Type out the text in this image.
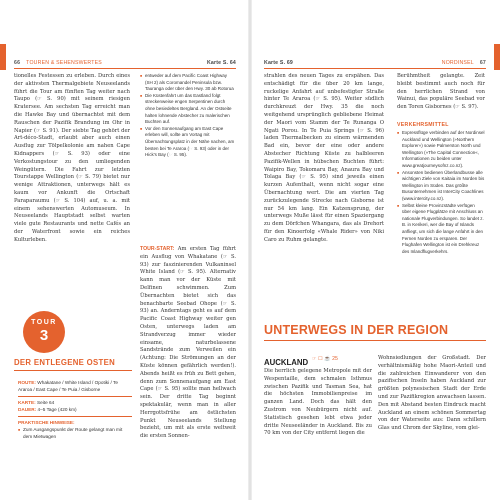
66 TOUREN & SEHENSWERTES	Karte S. 64

tionelles Festessen zu erleben. Durch eines der aktivsten Thermalgebiete Neuseelands führt die Tour am fünften Tag weiter nach Taupo (☞ S. 90) mit seinem riesigen Kratersee. Am sechsten Tag erreicht man die Hawke Bay und übernachtet mit dem Rauschen der Pazifik Brandung im Ohr in Napier (☞ S. 91). Der siebte Tag gehört der Art-déco-Stadt, erlaubt aber auch einen Ausflug zur Tölpelkolonie am nahen Cape Kidnappers (☞ S. 93) oder eine Verkostungstour zu den umliegenden Weingütern. Die Fahrt zur letzten Tourstappe Wellington (☞ S. 79) bietet nur wenige Attraktionen, unterwegs hält es kaum vor Ankunft die Ortschaft Paraparaumu (☞ S. 104) auf, u. a. mit einem sehenswerten Automuseum. In Neuseelands Hauptstadt selbst warten viele gute Restaurants und nette Cafés an der Waterfront sowie ein reiches Kulturleben.

■ entweder auf dem Pacific Coast Highway (SH 2) als Coromandel Peninsula bzw. Tauranga oder über den Hwy. 30 ab Rotorua
■ Die Küstenfahrt um das Eastland folgt streckenweise engen Serpentinen durch ohne besiedeltes Bergland. An der Ostseite halten lohnende Abstecher zu malerischen Buchten auf.
■ Vor den Sonnenaufgang am East Cape erleben will, sollte am Vortag mit Übernachtungsplatz in der Nähe nachen, am besten bei Te Araroa (☞ S. 93) oder in der Hick's Bay (☞ S. 95).

TOUR-START: Am ersten Tag führt ein Ausflug von Whakatane (☞ S. 93) zur faszinierenden Vulkaninsel White Island (☞ S. 95). Alternativ kann man vor der Küste mit Delfinen schwimmen. Zum Übernachten bietet sich das benachbarte Seebad Ohope (☞ S. 93) an. Anderntags geht es auf dem Pacific Coast Highway weiter gen Osten, unterwegs laden am Strandverzug immer wieder einsame, naturbelassene Sandstrände zum Verweilen ein (Achtung: Die Strömungen an der Küste können gefährlich werden!). Abends heißt es früh zu Bett gehen, denn zum Sonnenaufgang am East Cape (☞ S. 95) sollte man hellwach sein. Der dritte Tag beginnt spektakulär, wenn man in aller Herrgottsfrühe am östlichsten Punkt Neuseelands Stellung bezieht, um mit als erste weltweit die ersten Sonnen-

TOUR
3
DER ENTLEGENE OSTEN
ROUTE: Whakatane / White Island / Opotiki / Te Araroa / East Cape / Te Puia / Gisborne
KARTE: Seite 64
DAUER: 4–5 Tage (420 km)
PRAKTISCHE HINWEISE:
■ Zum Ausgangspunkt der Route gelangt man mit dem Mietwagen
Karte S. 69	NORDINSEL 67

strahlen des neuen Tages zu erspähen. Das entschädigt für die über 20 km lange, ruckelige Anfahrt auf unbefestigter Straße hinter Te Araroa (☞ S. 95). Weiter südlich durchkreuzt der Hwy. 35 die noch weitgehend ursprünglich gebliebene Heimat der Maori vom Stamm der Te Runanga O Ngati Porou. In Te Puia Springs (☞ S. 96) laden Thermalbecken zu einem wärmenden Bad ein, bevor der eine oder andere Abstecher Richtung Küste zu halbleeren Pazifik-Wellen in hübschen Buchten führt: Waipiro Bay, Tokomaru Bay, Anaura Bay und Tolaga Bay (☞ S. 95) sind jeweils einen kurzen Aufenthalt, wenn nicht sogar eine Übernachtung wert. Die am vierten Tag zurückzulegende Strecke nach Gisborne ist nur 54 km lang. Ein Katzensprung, der unterwegs Muße lässt für einen Spaziergang zu dem Dörfchen Whangara, das als Drehort für den Kinoerfolg «Whale Rider» von Niki Caro zu Ruhm gelangte.

Berühmtheit gelangte. Zeit bleibt bestimmt auch noch für den herrlichen Strand von Wainui, das populäre Seebad vor den Toren Gisbornes (☞ S. 97).

VERKEHRSMITTEL
■ Expressflüge verbinden auf der Nordinsel Auckland und Wellington (»Northern Explorer«) sowie Palmerston North und Wellington (»The Capital Connection«, Informationen zu beiden unter www.greatjourneysofnz.co.nz).
■ Ansonsten bedienen Überlandbusse alle wichtigen Ziele von Kaitaia im Norden bis Wellington im Süden. Das größte Busunternehmen ist InterCity Coachlines (www.intercity.co.nz).
■ Selbst kleine Provinzstädte verfügen über eigene Flugplätze mit Anschluss an nationale Flugverbindungen. So landet z. B. in Kerikeri, wer die Bay of Islands anfliegt, um sich die lange Anfahrt in den Fernen Norden zu ersparen. Der Flughafen Wellington ist ein Drehkreuz des Inlandflugverkehrs.
UNTERWEGS IN DER REGION
AUCKLAND ☞ ☐ ☕ 25

Die herrlich gelegene Metropole mit der Wespentaille, dem schmalen Isthmus zwischen Pazifik und Tasman Sea, hat die höchsten Immobilienpreise im ganzen Land. Doch das hält den Zustrom von Neubürgern nicht auf. Statistisch gesehen lebt etwa jeder dritte Neuseeländer in Auckland. Bis zu 70 km von der City entfernt liegen die

Wohnsiedlungen der Großstadt. Der verhältnismäßig hohe Maori-Anteil und die zahlreichen Einwanderer von den pazifischen Inseln haben Auckland zur größten polynesischen Stadt der Erde und zur Pazifikregion anwachsen lassen. Den mit Abstand besten Eindruck macht Auckland an einem schönen Sommertag von der Waterseite aus: Dann schillern Glas und Chrom der Skyline, vom glei-
